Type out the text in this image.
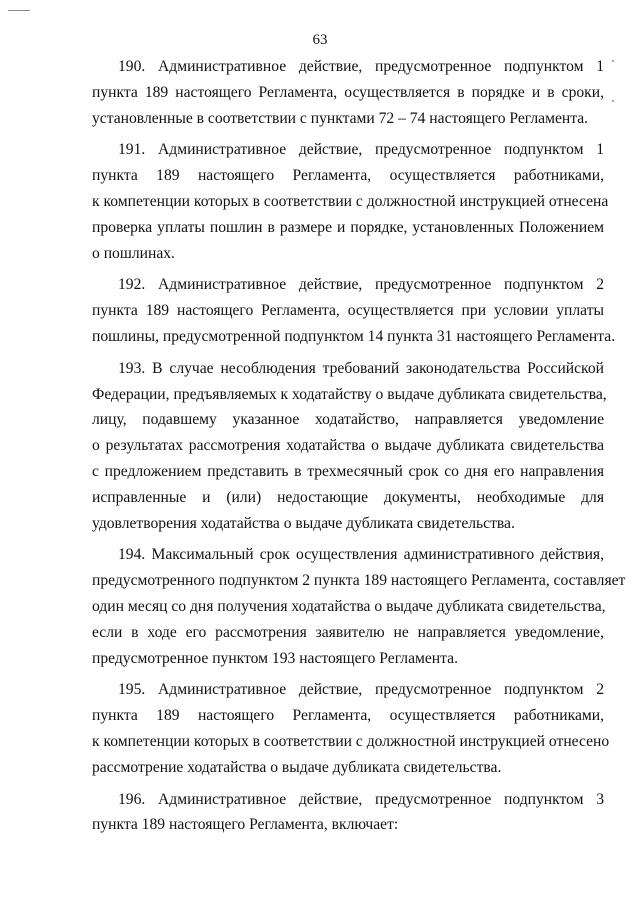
63
190. Административное действие, предусмотренное подпунктом 1
пункта 189 настоящего Регламента, осуществляется в порядке и в сроки,
установленные в соответствии с пунктами 72 – 74 настоящего Регламента.
191. Административное действие, предусмотренное подпунктом 1
пункта 189 настоящего Регламента, осуществляется работниками,
к компетенции которых в соответствии с должностной инструкцией отнесена
проверка уплаты пошлин в размере и порядке, установленных Положением
о пошлинах.
192. Административное действие, предусмотренное подпунктом 2
пункта 189 настоящего Регламента, осуществляется при условии уплаты
пошлины, предусмотренной подпунктом 14 пункта 31 настоящего Регламента.
193. В случае несоблюдения требований законодательства Российской
Федерации, предъявляемых к ходатайству о выдаче дубликата свидетельства,
лицу, подавшему указанное ходатайство, направляется уведомление
о результатах рассмотрения ходатайства о выдаче дубликата свидетельства
с предложением представить в трехмесячный срок со дня его направления
исправленные и (или) недостающие документы, необходимые для
удовлетворения ходатайства о выдаче дубликата свидетельства.
194. Максимальный срок осуществления административного действия,
предусмотренного подпунктом 2 пункта 189 настоящего Регламента, составляет
один месяц со дня получения ходатайства о выдаче дубликата свидетельства,
если в ходе его рассмотрения заявителю не направляется уведомление,
предусмотренное пунктом 193 настоящего Регламента.
195. Административное действие, предусмотренное подпунктом 2
пункта 189 настоящего Регламента, осуществляется работниками,
к компетенции которых в соответствии с должностной инструкцией отнесено
рассмотрение ходатайства о выдаче дубликата свидетельства.
196. Административное действие, предусмотренное подпунктом 3
пункта 189 настоящего Регламента, включает:
